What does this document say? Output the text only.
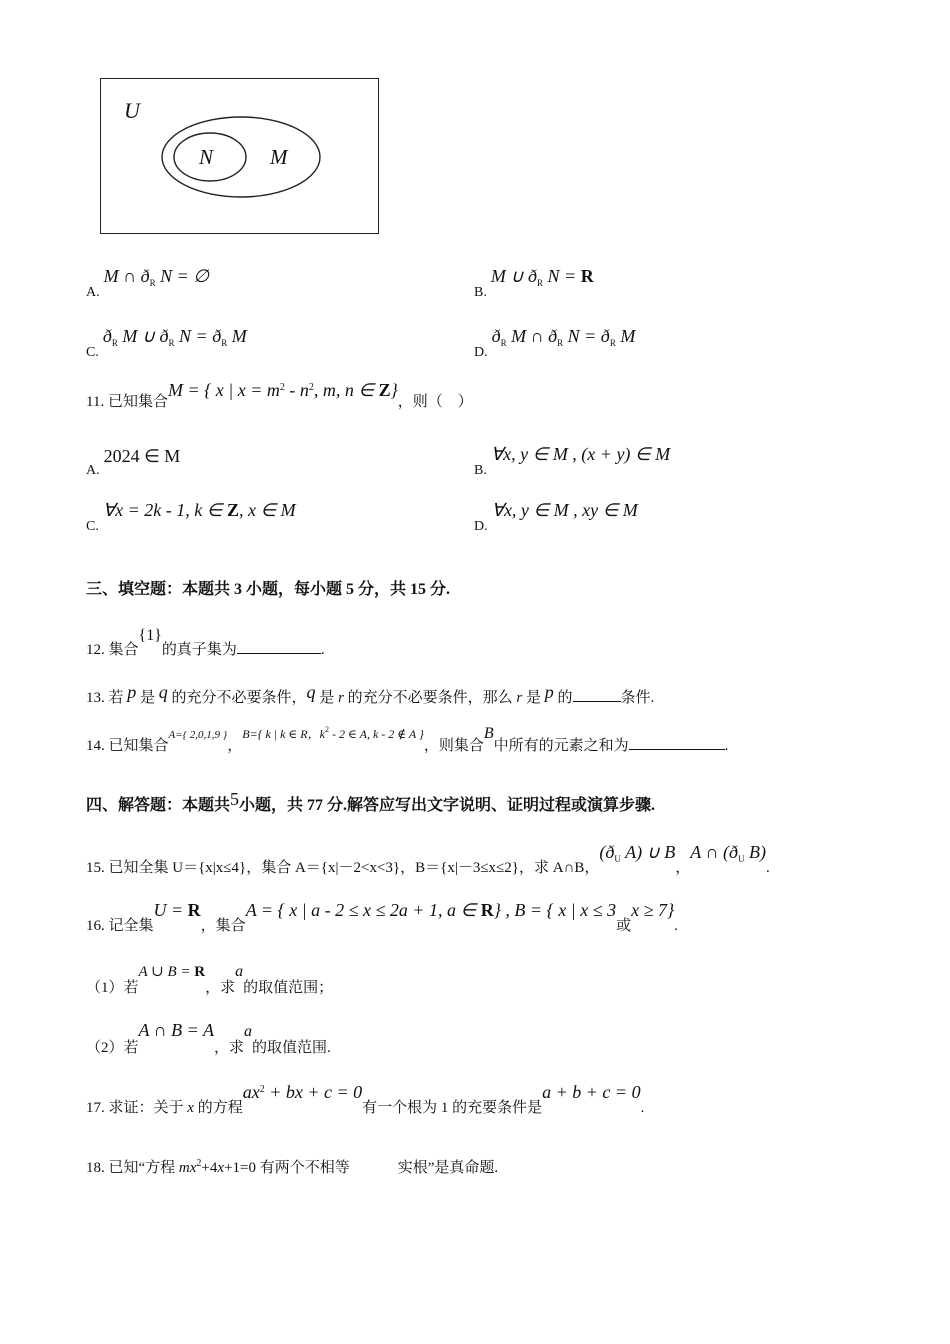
U
N	M
A. M ∩ $ð_R$ N = ∅
B. M ∪ $ð_R$ N = R
C. $ð_R$ M ∪ $ð_R$ $N = ð_R$ M
D. $ð_R$ M ∩ $ð_R$ $N = ð_R$ M
11. 已知集合M = { x | $x = m^2 - n^2$, m, n ∈ Z}，则（　）
A. 2024 ∈ M
B. ∀x, y ∈ M , (x + y) ∈ M
C. ∀x = 2k - 1, k ∈ Z, x ∈ M
D. ∀x, y ∈ M , xy ∈ M
三、填空题：本题共 3 小题，每小题 5 分，共 15 分.
12. 集合{1}的真子集为	.
13. 若 p 是 q 的充分不必要条件，q 是 r 的充分不必要条件，那么 r 是 p 的	条件.
14. 已知集合A={ 2,0,1,9 }，B={ k | k ∈ R，$k^2 - 2$ ∈ A, k - 2 ∉ A }，则集合B中所有的元素之和为	.
四、解答题：本题共5小题，共 77 分.解答应写出文字说明、证明过程或演算步骤.
15. 已知全集 U＝{x|x≤4}，集合 A＝{x|－2<x<3}，B＝{x|－3≤x≤2}，求 A∩B，($ð_U$ A) ∪ B，A ∩ ($ð_U$ B).
16. 记全集U = R，集合A = { x | a - 2 ≤ x ≤ 2a + 1, a ∈ R} , B = { x | x ≤ 3或x ≥ 7}.
（1）若A ∪ B = R，求a的取值范围；
（2）若A ∩ B = A，求a的取值范围.
17. 求证：关于 x 的方程$ax^2$ + bx + c = 0有一个根为 1 的充要条件是a + b + c = 0.
18. 已知“方程 $mx^2+4x+1=0$ 有两个不相等	实根”是真命题.
